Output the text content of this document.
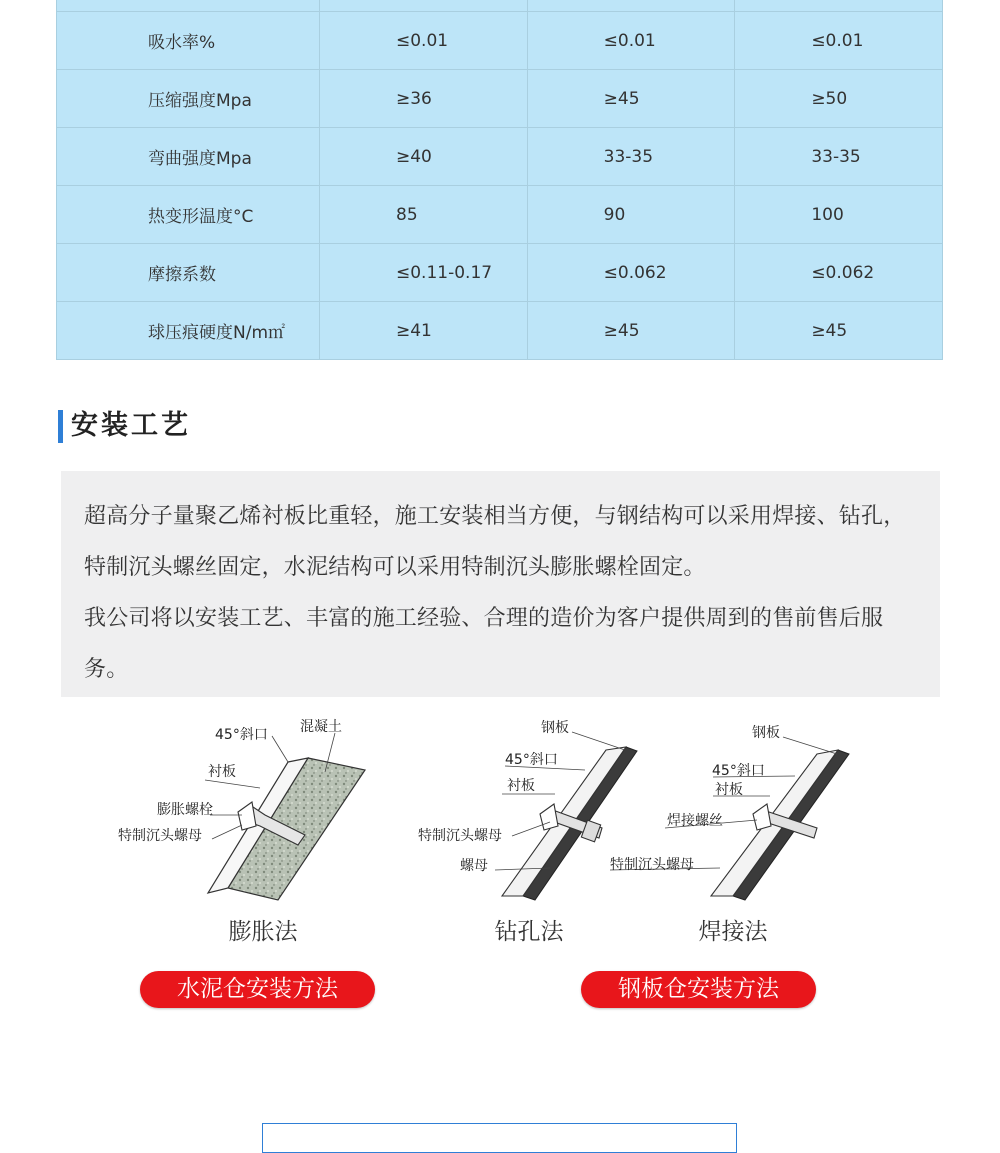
吸水率%	≤0.01	≤0.01	≤0.01
压缩强度Mpa	≥36	≥45	≥50
弯曲强度Mpa	≥40	33-35	33-35
热变形温度°C	85	90	100
摩擦系数	≤0.11-0.17	≤0.062	≤0.062
球压痕硬度N/m㎡	≥41	≥45	≥45
安装工艺

超高分子量聚乙烯衬板比重轻，施工安装相当方便，与钢结构可以采用焊接、钻孔，特制沉头螺丝固定，水泥结构可以采用特制沉头膨胀螺栓固定。

我公司将以安装工艺、丰富的施工经验、合理的造价为客户提供周到的售前售后服务。

45°斜口 混凝土
衬板
膨胀螺栓
特制沉头螺母
膨胀法
钢板
45°斜口
衬板
特制沉头螺母
螺母
钻孔法
钢板
45°斜口
衬板
焊接螺丝
特制沉头螺母
焊接法
水泥仓安装方法	钢板仓安装方法
